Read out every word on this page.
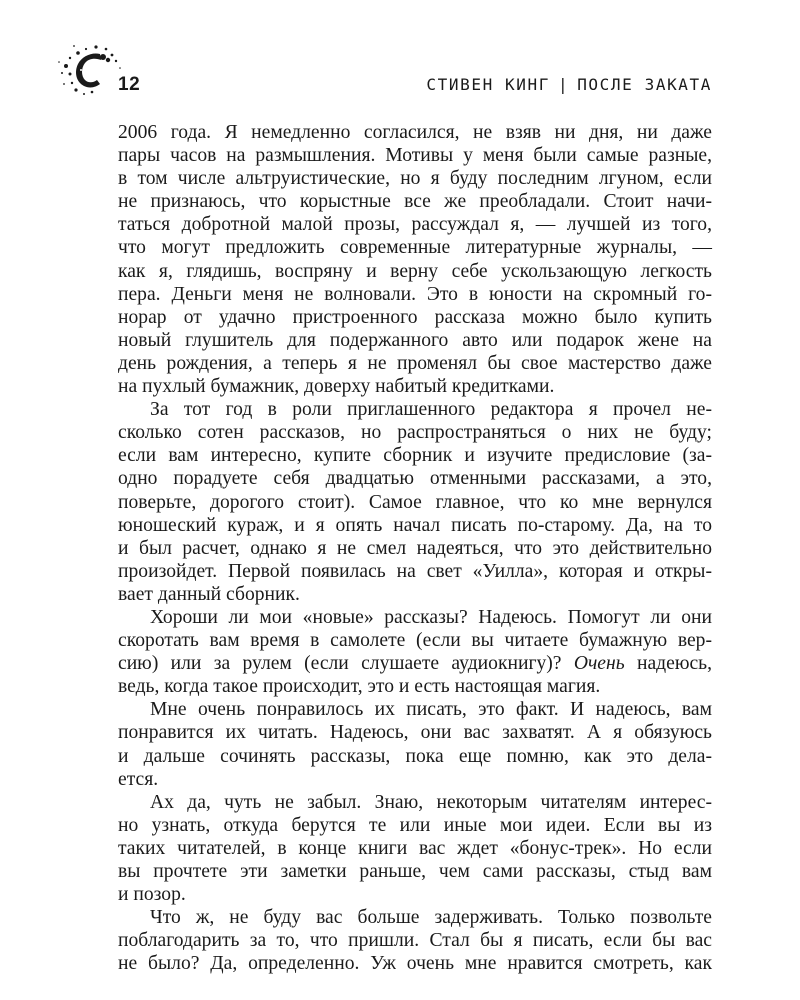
12	СТИВЕН КИНГ | ПОСЛЕ ЗАКАТА
2006 года. Я немедленно согласился, не взяв ни дня, ни даже
пары часов на размышления. Мотивы у меня были самые разные,
в том числе альтруистические, но я буду последним лгуном, если
не признаюсь, что корыстные все же преобладали. Стоит начи-
таться добротной малой прозы, рассуждал я, — лучшей из того,
что могут предложить современные литературные журналы, —
как я, глядишь, воспряну и верну себе ускользающую легкость
пера. Деньги меня не волновали. Это в юности на скромный го-
норар от удачно пристроенного рассказа можно было купить
новый глушитель для подержанного авто или подарок жене на
день рождения, а теперь я не променял бы свое мастерство даже
на пухлый бумажник, доверху набитый кредитками.
За тот год в роли приглашенного редактора я прочел не-
сколько сотен рассказов, но распространяться о них не буду;
если вам интересно, купите сборник и изучите предисловие (за-
одно порадуете себя двадцатью отменными рассказами, а это,
поверьте, дорогого стоит). Самое главное, что ко мне вернулся
юношеский кураж, и я опять начал писать по-старому. Да, на то
и был расчет, однако я не смел надеяться, что это действительно
произойдет. Первой появилась на свет «Уилла», которая и откры-
вает данный сборник.
Хороши ли мои «новые» рассказы? Надеюсь. Помогут ли они
скоротать вам время в самолете (если вы читаете бумажную вер-
сию) или за рулем (если слушаете аудиокнигу)? Очень надеюсь,
ведь, когда такое происходит, это и есть настоящая магия.
Мне очень понравилось их писать, это факт. И надеюсь, вам
понравится их читать. Надеюсь, они вас захватят. А я обязуюсь
и дальше сочинять рассказы, пока еще помню, как это дела-
ется.
Ах да, чуть не забыл. Знаю, некоторым читателям интерес-
но узнать, откуда берутся те или иные мои идеи. Если вы из
таких читателей, в конце книги вас ждет «бонус-трек». Но если
вы прочтете эти заметки раньше, чем сами рассказы, стыд вам
и позор.
Что ж, не буду вас больше задерживать. Только позвольте
поблагодарить за то, что пришли. Стал бы я писать, если бы вас
не было? Да, определенно. Уж очень мне нравится смотреть, как
